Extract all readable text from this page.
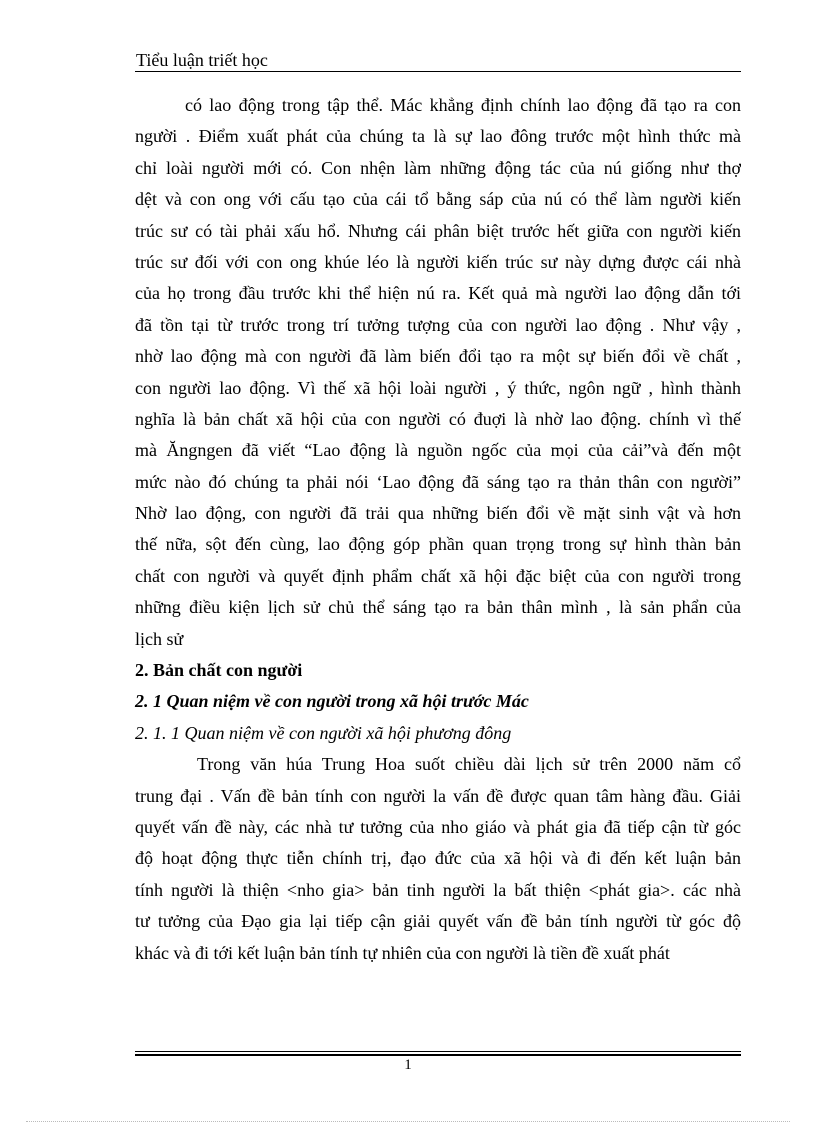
Tiểu luận triết học
có lao động trong tập thể. Mác khẳng định chính lao động đã tạo ra con
người . Điểm xuất phát của chúng ta là sự lao đông trước một hình thức mà
chỉ loài người mới có. Con nhện làm những động tác của nú giống như thợ
dệt và con ong với cấu tạo của cái tổ bằng sáp của nú có thể làm người kiến
trúc sư có tài phải xấu hổ. Nhưng cái phân biệt trước hết giữa con người kiến
trúc sư đối với con ong khúe léo là người kiến trúc sư này dựng được cái nhà
của họ trong đầu trước khi thể hiện nú ra. Kết quả mà người lao động dẫn tới
đã tồn tại từ trước trong trí tưởng tượng của con người lao động . Như vậy ,
nhờ lao động mà con người đã làm biến đổi tạo ra một sự biến đổi về chất ,
con người lao động. Vì thế xã hội loài người , ý thức, ngôn ngữ , hình thành
nghĩa là bản chất xã hội của con người có đuợi là nhờ lao động. chính vì thế
mà Ăngngen đã viết “Lao động là nguồn ngốc của mọi của cải”và đến một
mức nào đó chúng ta phải nói ‘Lao động đã sáng tạo ra thản thân con người”
Nhờ lao động, con người đã trải qua những biến đổi về mặt sinh vật và hơn
thế nữa, sột đến cùng, lao động góp phần quan trọng trong sự hình thàn bản
chất con người và quyết định phẩm chất xã hội đặc biệt của con người trong
những điều kiện lịch sử chủ thể sáng tạo ra bản thân mình , là sản phẩn của
lịch sử
2. Bản chất con người
2. 1 Quan niệm về con người trong xã hội trước Mác
2. 1. 1 Quan niệm về con người xã hội phương đông
Trong văn húa Trung Hoa suốt chiều dài lịch sử trên 2000 năm cổ
trung đại . Vấn đề bản tính con người la vấn đề được quan tâm hàng đầu. Giải
quyết vấn đề này, các nhà tư tưởng của nho giáo và phát gia đã tiếp cận từ góc
độ hoạt động thực tiễn chính trị, đạo đức của xã hội và đi đến kết luận bản
tính người là thiện <nho gia> bản tinh người la bất thiện <phát gia>. các nhà
tư tưởng của Đạo gia lại tiếp cận giải quyết vấn đề bản tính người từ góc độ
khác và đi tới kết luận bản tính tự nhiên của con người là tiền đề xuất phát
1
